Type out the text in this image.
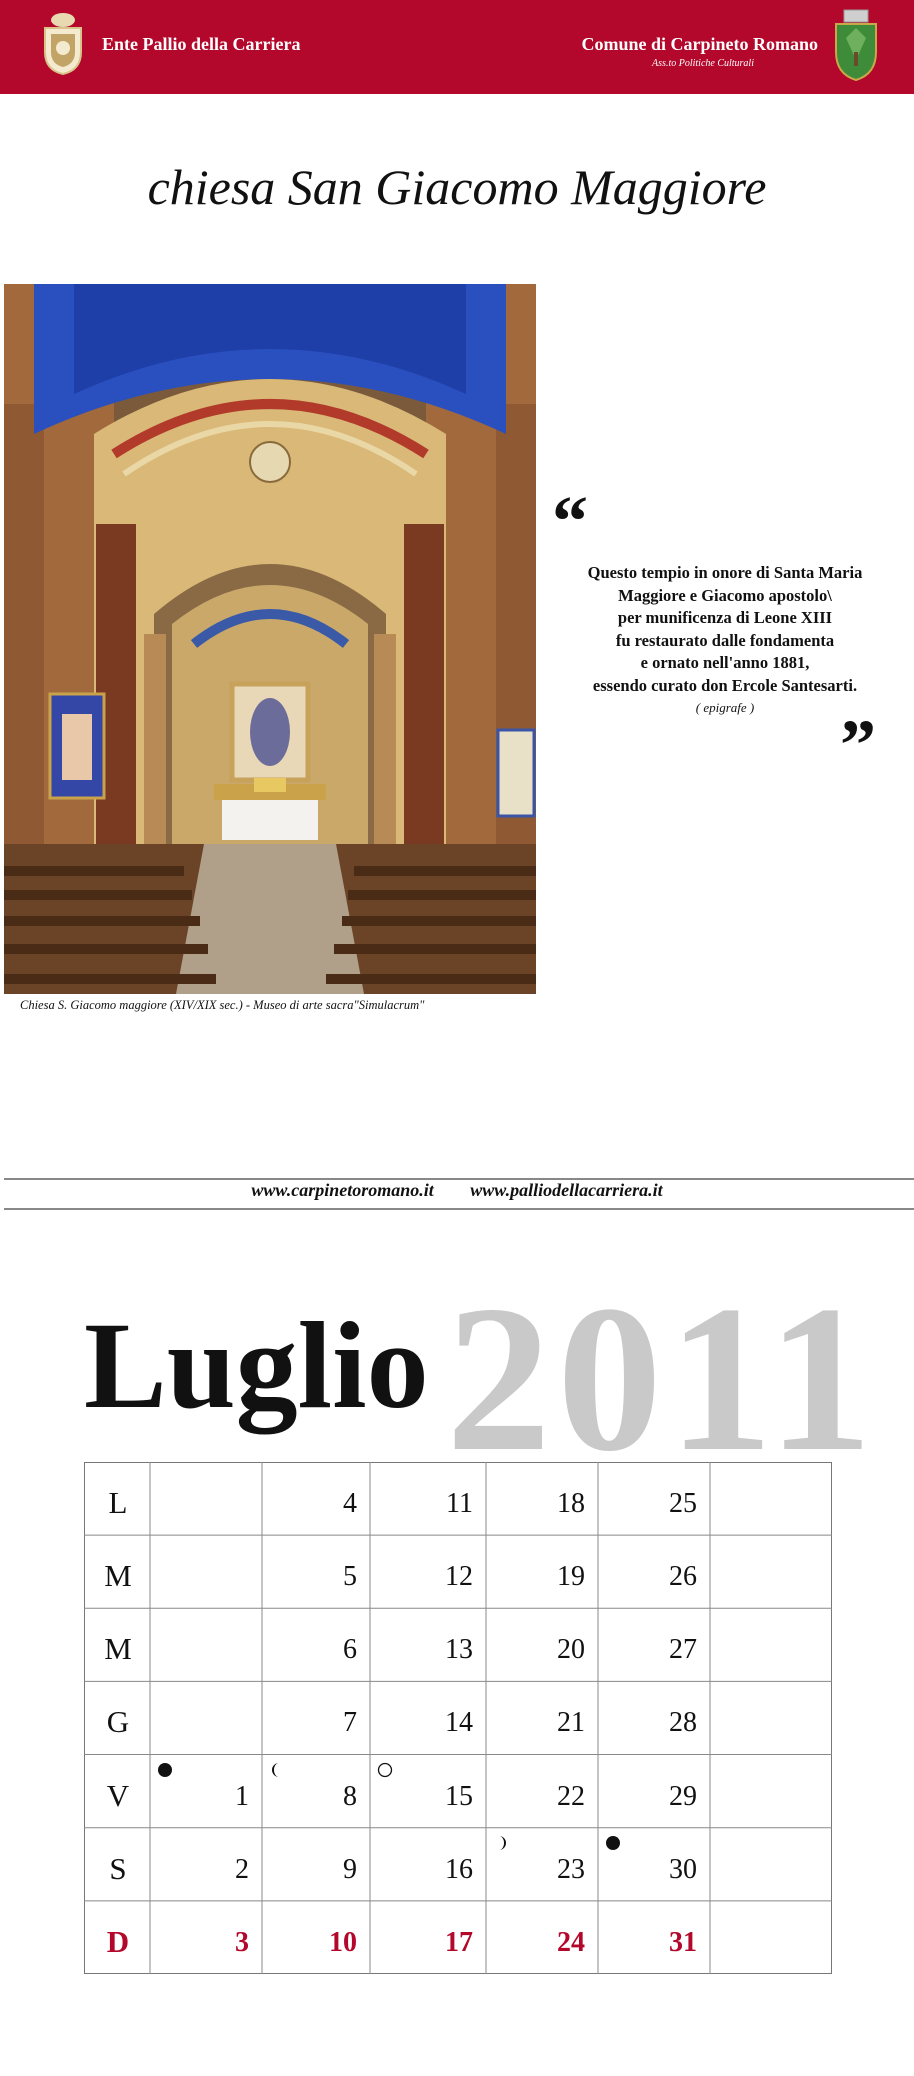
Ente Pallio della Carriera	Comune di Carpineto Romano
Ass.to Politiche Culturali
chiesa San Giacomo Maggiore
Chiesa S. Giacomo maggiore (XIV/XIX sec.) - Museo di arte sacra"Simulacrum"
“
Questo tempio in onore di Santa Maria
Maggiore e Giacomo apostolo\
per munificenza di Leone XIII
fu restaurato dalle fondamenta
e ornato nell'anno 1881,
essendo curato don Ercole Santesarti.
( epigrafe )	”
www.carpinetoromano.it www.palliodellacarriera.it
2011
Luglio
L
M
M
G
V
S
D
1
2
3
4
5
6
7
8
9
10
11
12
13
14
15
16
17
18
19
20
21
22
23
24
25
26
27
28
29
30
31
